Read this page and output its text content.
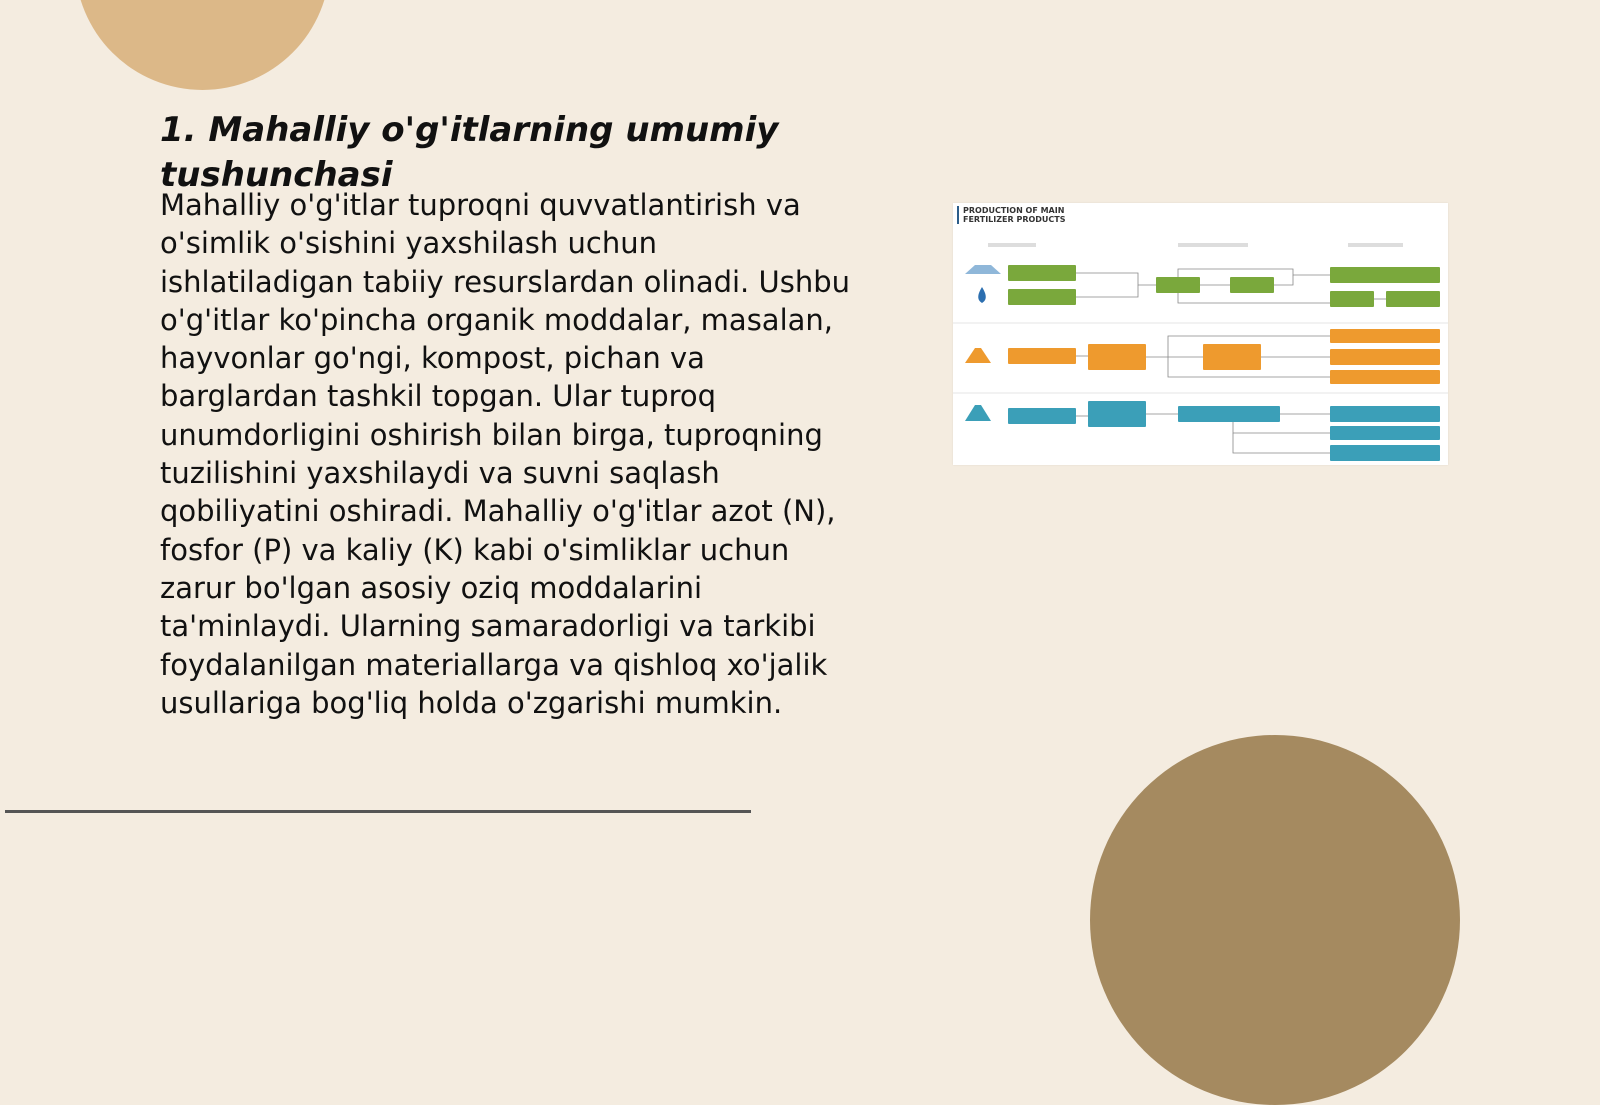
1. Mahalliy o'g'itlarning umumiy tushunchasi

Mahalliy o'g'itlar tuproqni quvvatlantirish va o'simlik o'sishini yaxshilash uchun ishlatiladigan tabiiy resurslardan olinadi. Ushbu o'g'itlar ko'pincha organik moddalar, masalan, hayvonlar go'ngi, kompost, pichan va barglardan tashkil topgan. Ular tuproq unumdorligini oshirish bilan birga, tuproqning tuzilishini yaxshilaydi va suvni saqlash qobiliyatini oshiradi. Mahalliy o'g'itlar azot (N), fosfor (P) va kaliy (K) kabi o'simliklar uchun zarur bo'lgan asosiy oziq moddalarini ta'minlaydi. Ularning samaradorligi va tarkibi foydalanilgan materiallarga va qishloq xo'jalik usullariga bog'liq holda o'zgarishi mumkin.

PRODUCTION OF MAIN
FERTILIZER PRODUCTS
